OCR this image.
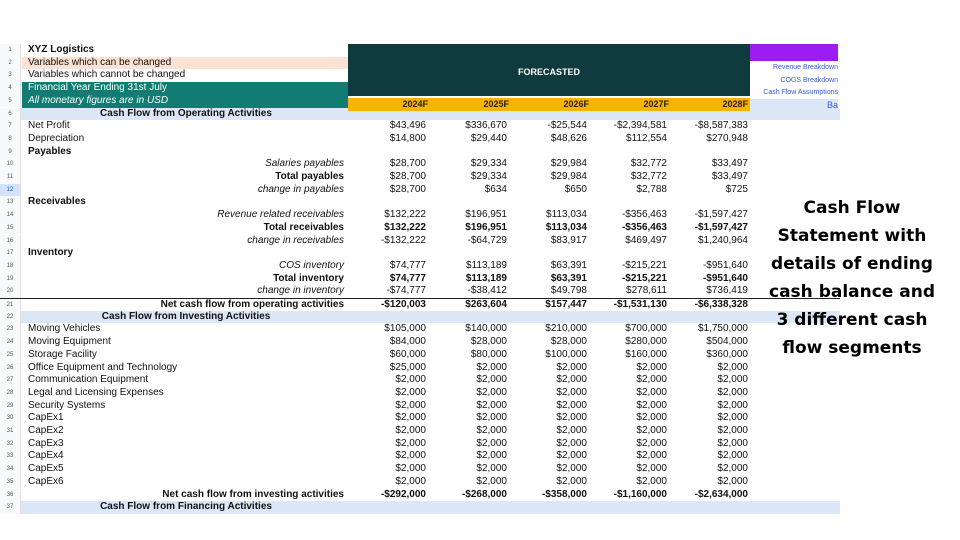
1	XYZ Logistics
2	Variables which can be changed
3	Variables which cannot be changed
4	Financial Year Ending 31st July
5	All monetary figures are in USD
6	Cash Flow from Operating Activities
7	Net Profit	$43,496	$336,670	-$25,544	-$2,394,581	-$8,587,383
8	Depreciation	$14,800	$29,440	$48,626	$112,554	$270,948
9	Payables
10	Salaries payables	$28,700	$29,334	$29,984	$32,772	$33,497
11	Total payables	$28,700	$29,334	$29,984	$32,772	$33,497
12	change in payables	$28,700	$634	$650	$2,788	$725
13	Receivables
14	Revenue related receivables	$132,222	$196,951	$113,034	-$356,463	-$1,597,427
15	Total receivables	$132,222	$196,951	$113,034	-$356,463	-$1,597,427
16	change in receivables	-$132,222	-$64,729	$83,917	$469,497	$1,240,964
17	Inventory
18	COS inventory	$74,777	$113,189	$63,391	-$215,221	-$951,640
19	Total inventory	$74,777	$113,189	$63,391	-$215,221	-$951,640
20	change in inventory	-$74,777	-$38,412	$49,798	$278,611	$736,419
21	Net cash flow from operating activities	-$120,003	$263,604	$157,447	-$1,531,130	-$6,338,328
22	Cash Flow from Investing Activities
23	Moving Vehicles	$105,000	$140,000	$210,000	$700,000	$1,750,000
24	Moving Equipment	$84,000	$28,000	$28,000	$280,000	$504,000
25	Storage Facility	$60,000	$80,000	$100,000	$160,000	$360,000
26	Office Equipment and Technology	$25,000	$2,000	$2,000	$2,000	$2,000
27	Communication Equipment	$2,000	$2,000	$2,000	$2,000	$2,000
28	Legal and Licensing Expenses	$2,000	$2,000	$2,000	$2,000	$2,000
29	Security Systems	$2,000	$2,000	$2,000	$2,000	$2,000
30	CapEx1	$2,000	$2,000	$2,000	$2,000	$2,000
31	CapEx2	$2,000	$2,000	$2,000	$2,000	$2,000
32	CapEx3	$2,000	$2,000	$2,000	$2,000	$2,000
33	CapEx4	$2,000	$2,000	$2,000	$2,000	$2,000
34	CapEx5	$2,000	$2,000	$2,000	$2,000	$2,000
35	CapEx6	$2,000	$2,000	$2,000	$2,000	$2,000
36	Net cash flow from investing activities	-$292,000	-$268,000	-$358,000	-$1,160,000	-$2,634,000
37	Cash Flow from Financing Activities
FORECASTED
2024F	2025F	2026F	2027F	2028F
Revenue Breakdown
COGS Breakdown
Cash Flow Assumptions
Ba
Cash Flow Statement with details of ending cash balance and 3 different cash flow segments
